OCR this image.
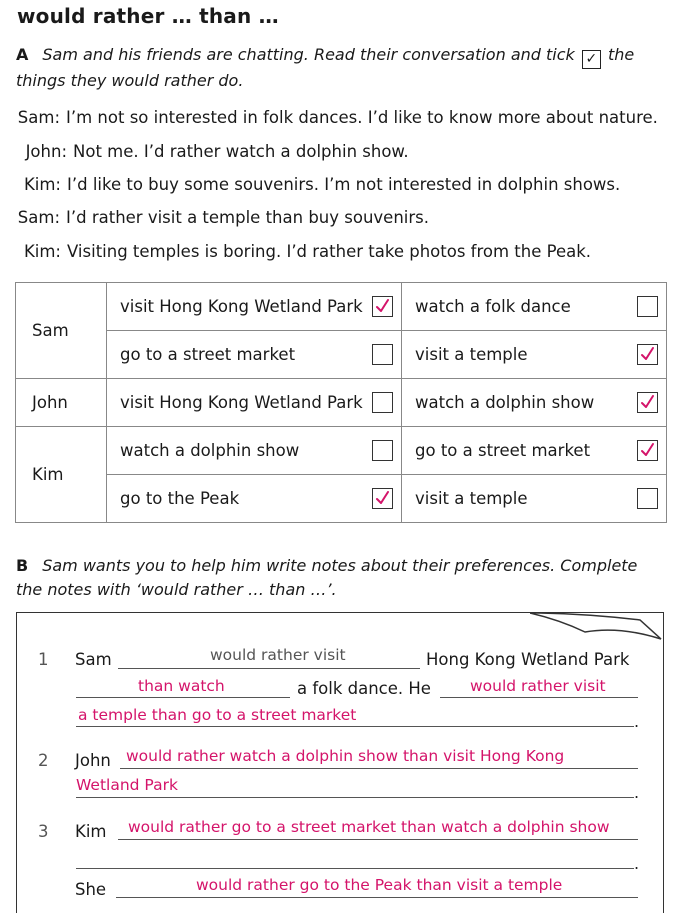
would rather … than …
A Sam and his friends are chatting. Read their conversation and tick ✓ the
things they would rather do.
Sam: I’m not so interested in folk dances. I’d like to know more about nature.
John: Not me. I’d rather watch a dolphin show.
Kim: I’d like to buy some souvenirs. I’m not interested in dolphin shows.
Sam: I’d rather visit a temple than buy souvenirs.
Kim: Visiting temples is boring. I’d rather take photos from the Peak.
Sam	visit Hong Kong Wetland Park	watch a folk dance

	go to a street market	visit a temple

John	visit Hong Kong Wetland Park	watch a dolphin show

Kim	watch a dolphin show	go to a street market

	go to the Peak	visit a temple
B Sam wants you to help him write notes about their preferences. Complete
the notes with ‘would rather … than …’.
1 Sam	would rather visit	Hong Kong Wetland Park
than watch	a folk dance. He	would rather visit
a temple than go to a street market	.
2 John would rather watch a dolphin show than visit Hong Kong
Wetland Park	.
3 Kim would rather go to a street market than watch a dolphin show
.
She	would rather go to the Peak than visit a temple
